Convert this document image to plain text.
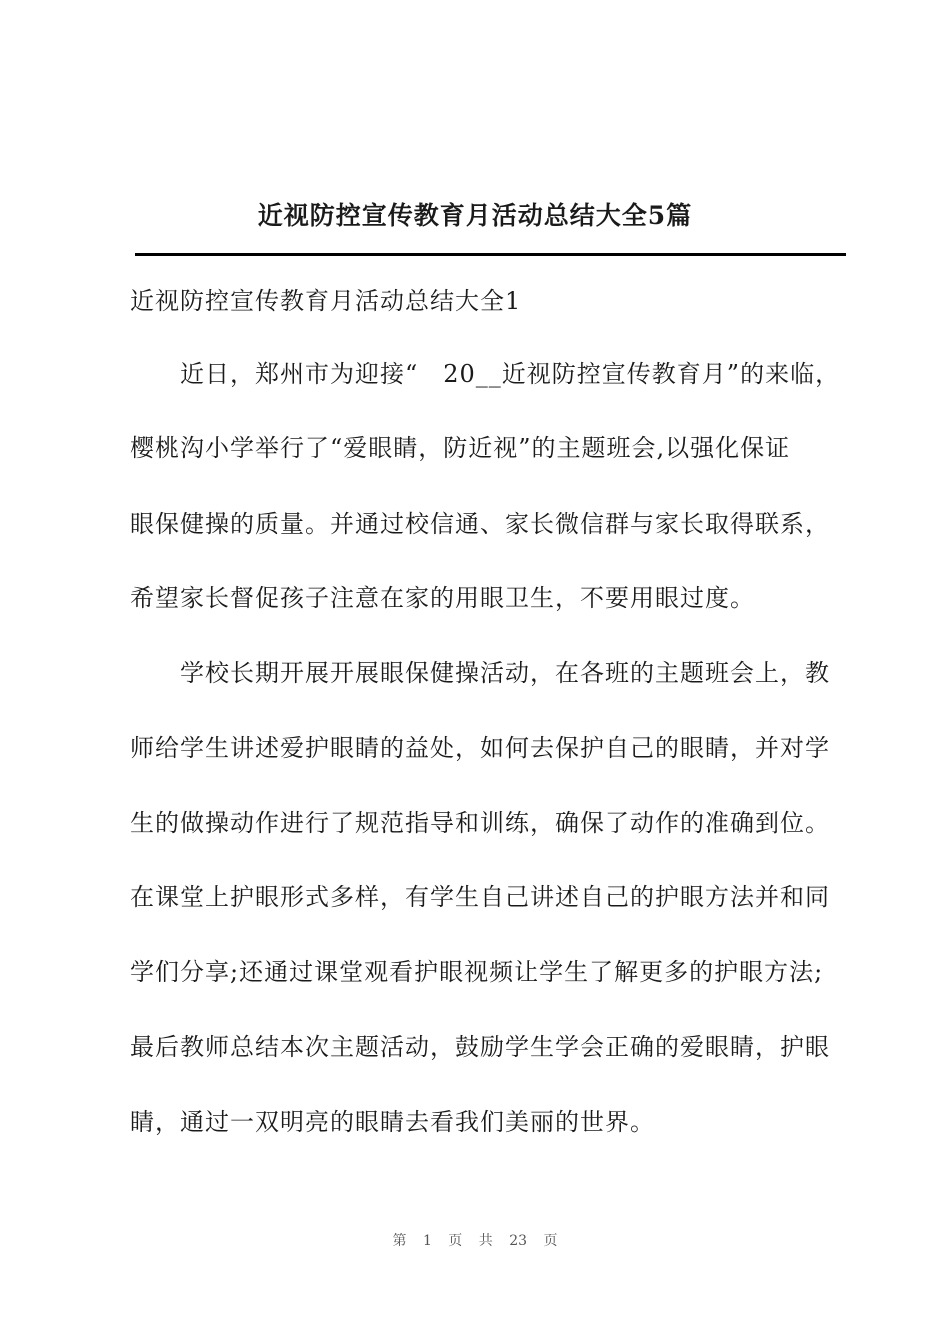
近视防控宣传教育月活动总结大全5篇
近视防控宣传教育月活动总结大全1

近日，郑州市为迎接“　20__近视防控宣传教育月”的来临，

樱桃沟小学举行了“爱眼睛，防近视”的主题班会,以强化保证

眼保健操的质量。并通过校信通、家长微信群与家长取得联系，

希望家长督促孩子注意在家的用眼卫生，不要用眼过度。

学校长期开展开展眼保健操活动，在各班的主题班会上，教

师给学生讲述爱护眼睛的益处，如何去保护自己的眼睛，并对学

生的做操动作进行了规范指导和训练，确保了动作的准确到位。

在课堂上护眼形式多样，有学生自己讲述自己的护眼方法并和同

学们分享;还通过课堂观看护眼视频让学生了解更多的护眼方法;

最后教师总结本次主题活动，鼓励学生学会正确的爱眼睛，护眼

睛，通过一双明亮的眼睛去看我们美丽的世界。

第 1 页 共 23 页
